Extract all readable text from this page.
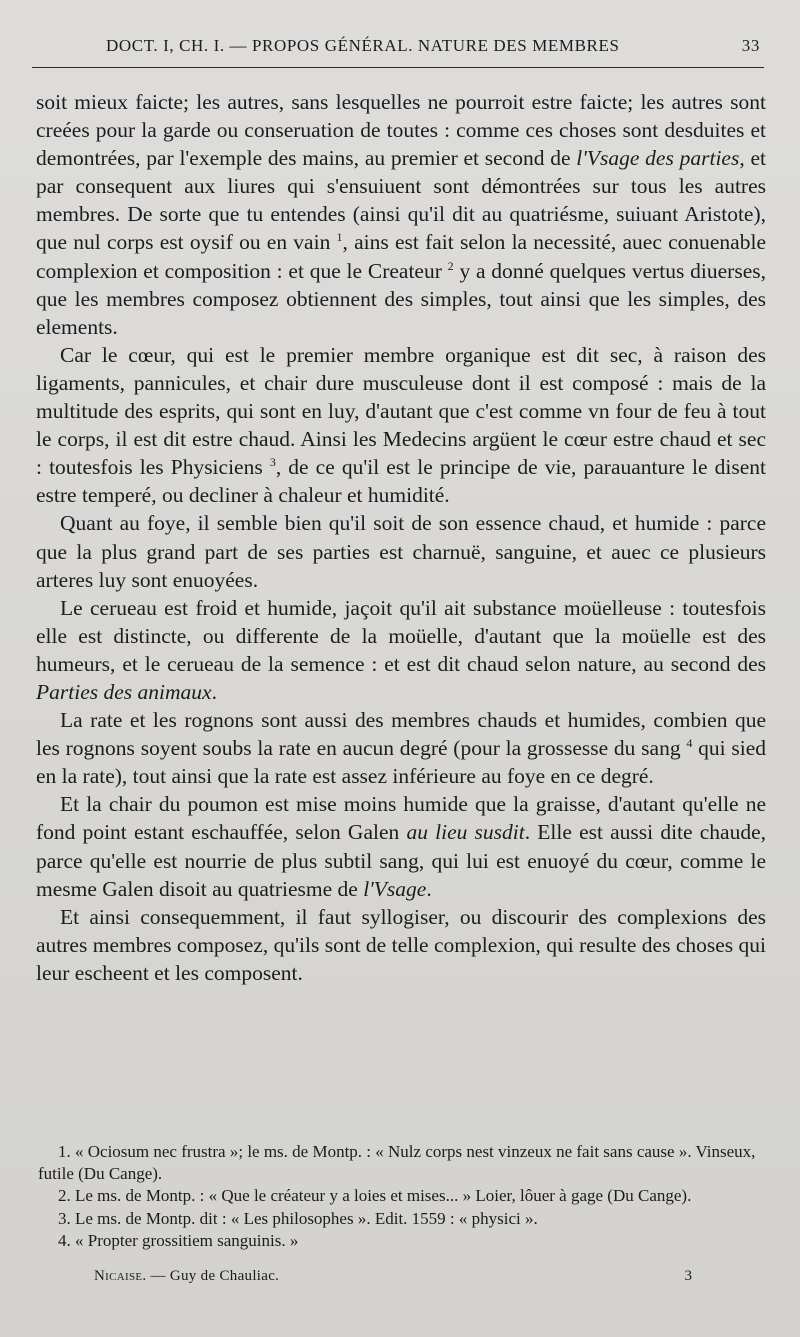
DOCT. I, CH. I. — PROPOS GÉNÉRAL. NATURE DES MEMBRES	33

soit mieux faicte; les autres, sans lesquelles ne pourroit estre faicte; les autres sont creées pour la garde ou conseruation de toutes : comme ces choses sont desduites et demontrées, par l'exemple des mains, au premier et second de l'Vsage des parties, et par consequent aux liures qui s'ensuiuent sont démontrées sur tous les autres membres. De sorte que tu entendes (ainsi qu'il dit au quatriésme, suiuant Aristote), que nul corps est oysif ou en vain $^1$, ains est fait selon la necessité, auec conuenable complexion et composition : et que le Createur $^2$ y a donné quelques vertus diuerses, que les membres composez obtiennent des simples, tout ainsi que les simples, des elements.

Car le cœur, qui est le premier membre organique est dit sec, à raison des ligaments, pannicules, et chair dure musculeuse dont il est composé : mais de la multitude des esprits, qui sont en luy, d'autant que c'est comme vn four de feu à tout le corps, il est dit estre chaud. Ainsi les Medecins argüent le cœur estre chaud et sec : toutesfois les Physiciens $^3$, de ce qu'il est le principe de vie, parauanture le disent estre temperé, ou decliner à chaleur et humidité.

Quant au foye, il semble bien qu'il soit de son essence chaud, et humide : parce que la plus grand part de ses parties est charnuë, sanguine, et auec ce plusieurs arteres luy sont enuoyées.

Le cerueau est froid et humide, jaçoit qu'il ait substance moüelleuse : toutesfois elle est distincte, ou differente de la moüelle, d'autant que la moüelle est des humeurs, et le cerueau de la semence : et est dit chaud selon nature, au second des Parties des animaux.

La rate et les rognons sont aussi des membres chauds et humides, combien que les rognons soyent soubs la rate en aucun degré (pour la grossesse du sang $^4$ qui sied en la rate), tout ainsi que la rate est assez inférieure au foye en ce degré.

Et la chair du poumon est mise moins humide que la graisse, d'autant qu'elle ne fond point estant eschauffée, selon Galen au lieu susdit. Elle est aussi dite chaude, parce qu'elle est nourrie de plus subtil sang, qui lui est enuoyé du cœur, comme le mesme Galen disoit au quatriesme de l'Vsage.

Et ainsi consequemment, il faut syllogiser, ou discourir des complexions des autres membres composez, qu'ils sont de telle complexion, qui resulte des choses qui leur escheent et les composent.

1. « Ociosum nec frustra »; le ms. de Montp. : « Nulz corps nest vinzeux ne fait sans cause ». Vinseux, futile (Du Cange).

2. Le ms. de Montp. : « Que le créateur y a loies et mises... » Loier, lôuer à gage (Du Cange).

3. Le ms. de Montp. dit : « Les philosophes ». Edit. 1559 : « physici ».

4. « Propter grossitiem sanguinis. »

Nicaise. — Guy de Chauliac.	3
